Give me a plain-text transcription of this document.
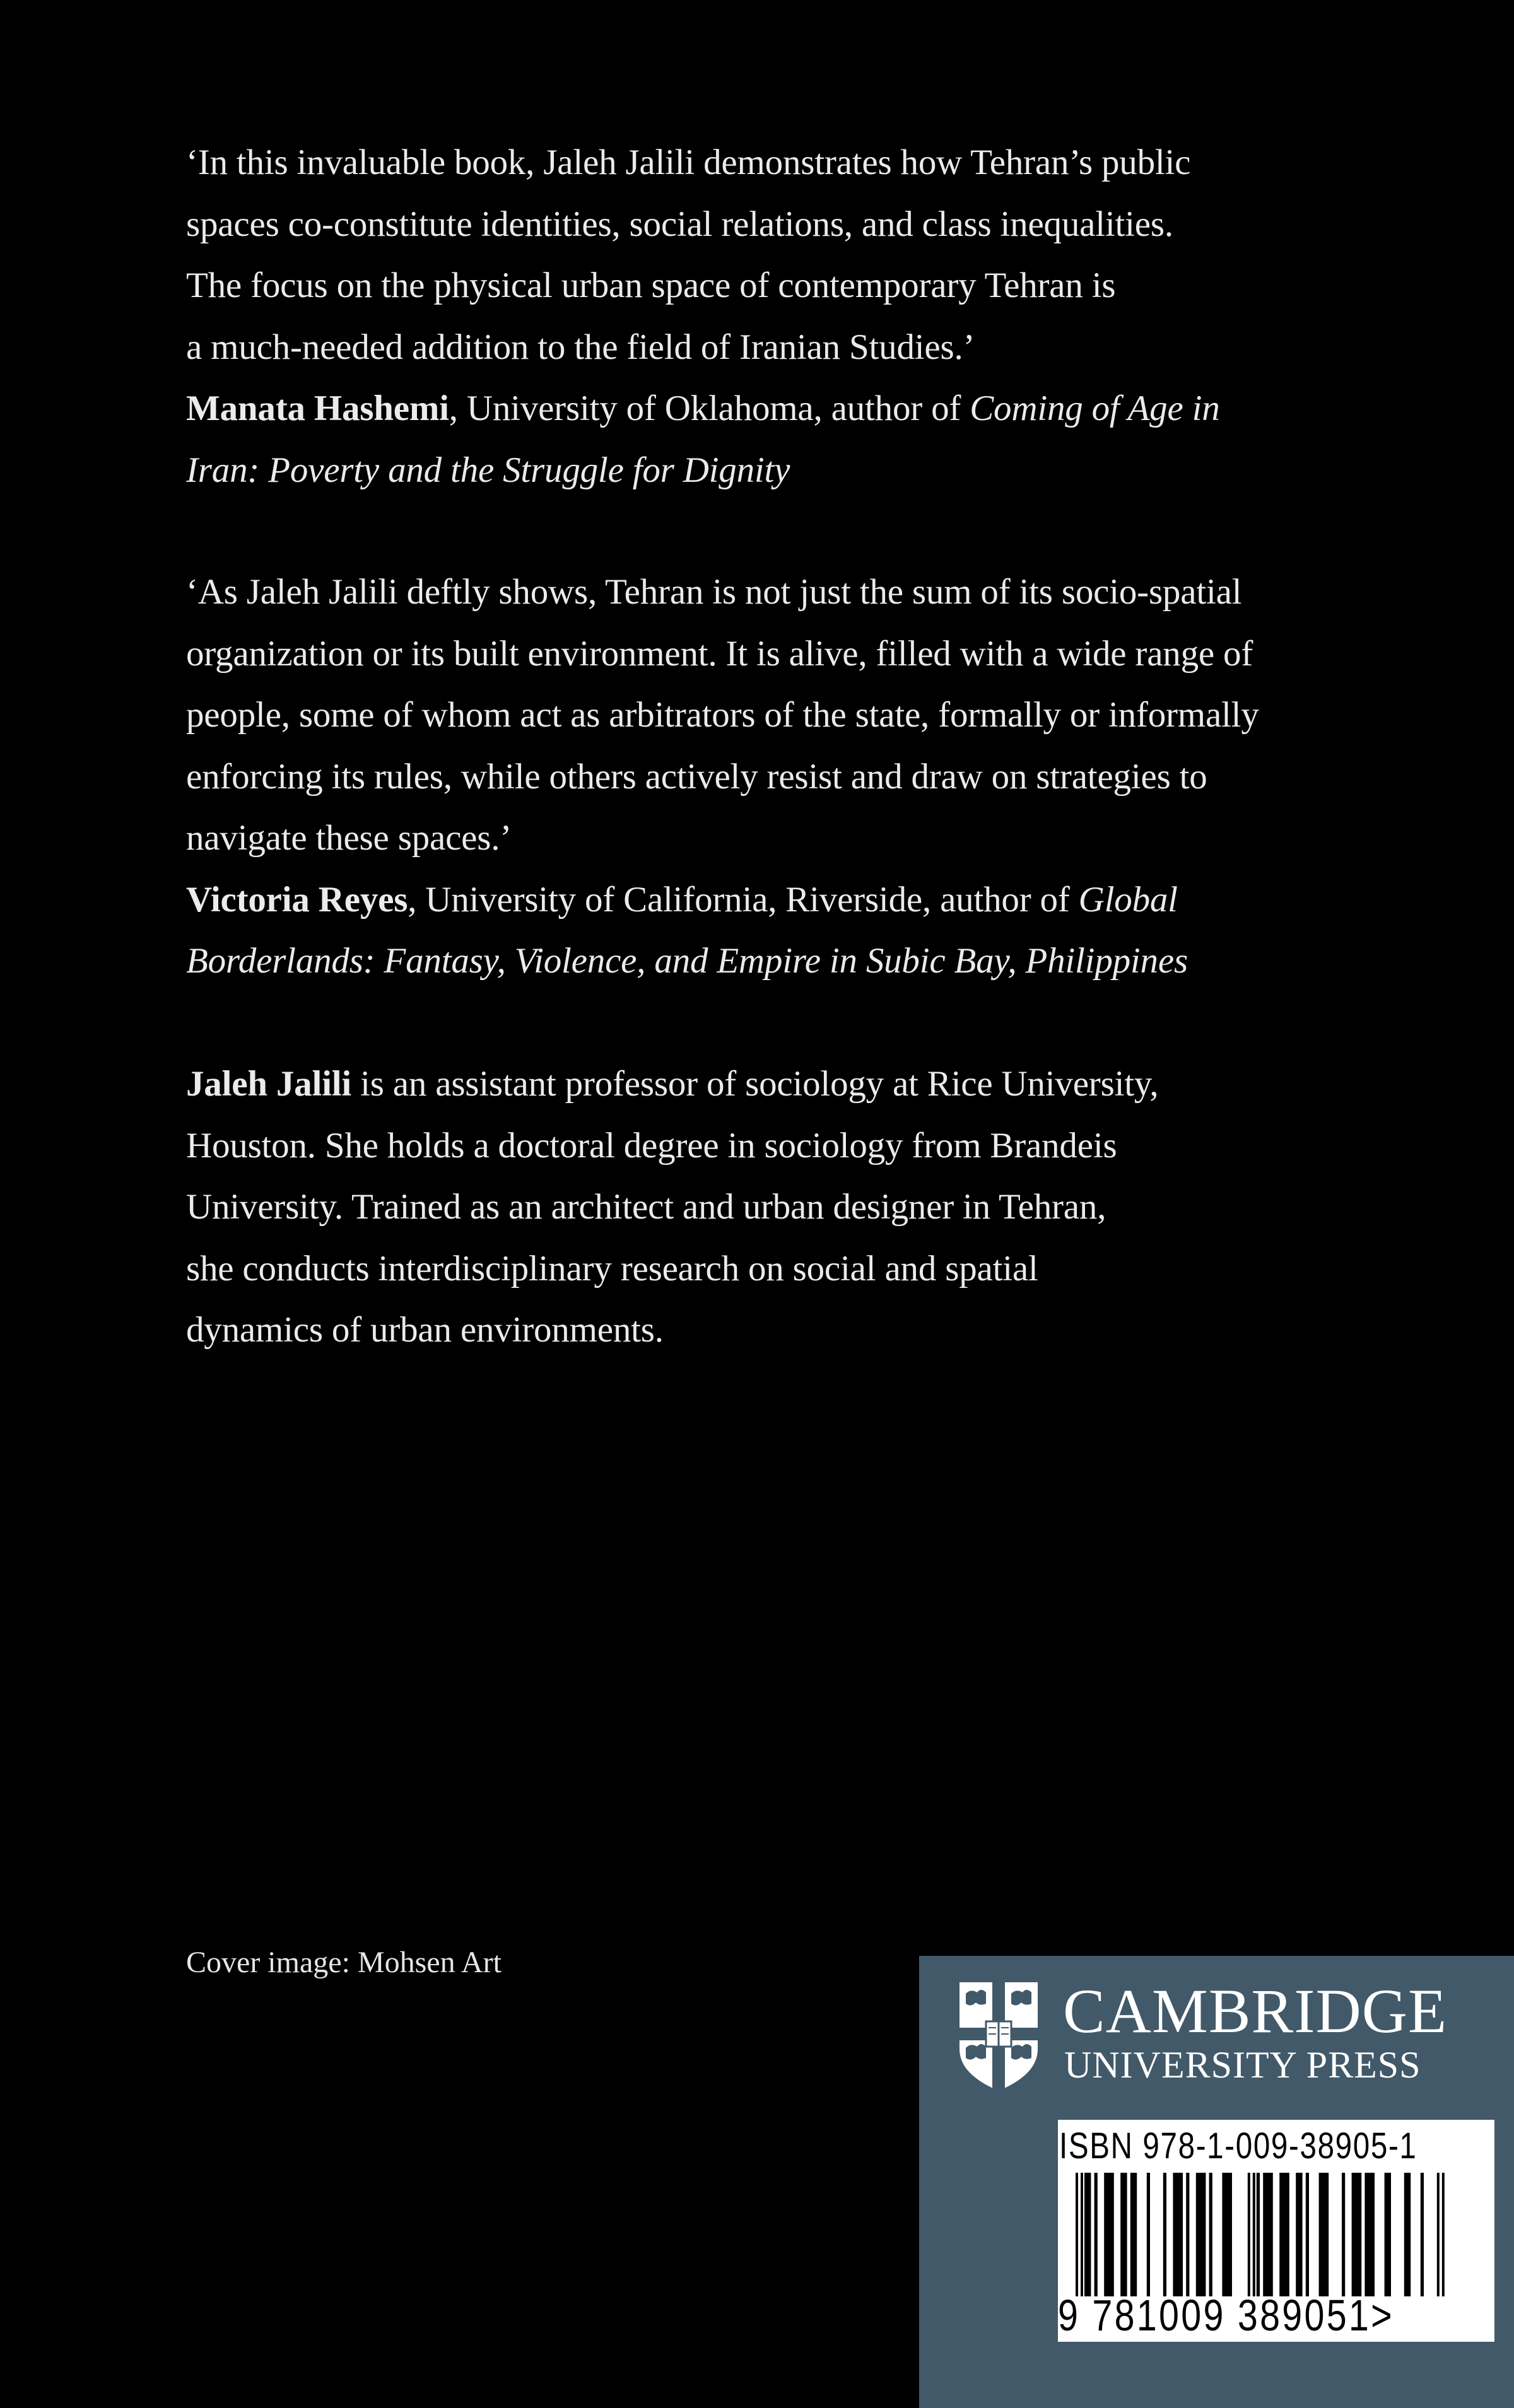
‘In this invaluable book, Jaleh Jalili demonstrates how Tehran’s public

spaces co-constitute identities, social relations, and class inequalities.

The focus on the physical urban space of contemporary Tehran is

a much-needed addition to the field of Iranian Studies.’

Manata Hashemi, University of Oklahoma, author of Coming of Age in

Iran: Poverty and the Struggle for Dignity

‘As Jaleh Jalili deftly shows, Tehran is not just the sum of its socio-spatial

organization or its built environment. It is alive, filled with a wide range of

people, some of whom act as arbitrators of the state, formally or informally

enforcing its rules, while others actively resist and draw on strategies to

navigate these spaces.’

Victoria Reyes, University of California, Riverside, author of Global

Borderlands: Fantasy, Violence, and Empire in Subic Bay, Philippines

Jaleh Jalili is an assistant professor of sociology at Rice University,

Houston. She holds a doctoral degree in sociology from Brandeis

University. Trained as an architect and urban designer in Tehran,

she conducts interdisciplinary research on social and spatial

dynamics of urban environments.

Cover image: Mohsen Art
CAMBRIDGE
UNIVERSITY PRESS
ISBN 978-1-009-38905-1
9 781009 389051>
